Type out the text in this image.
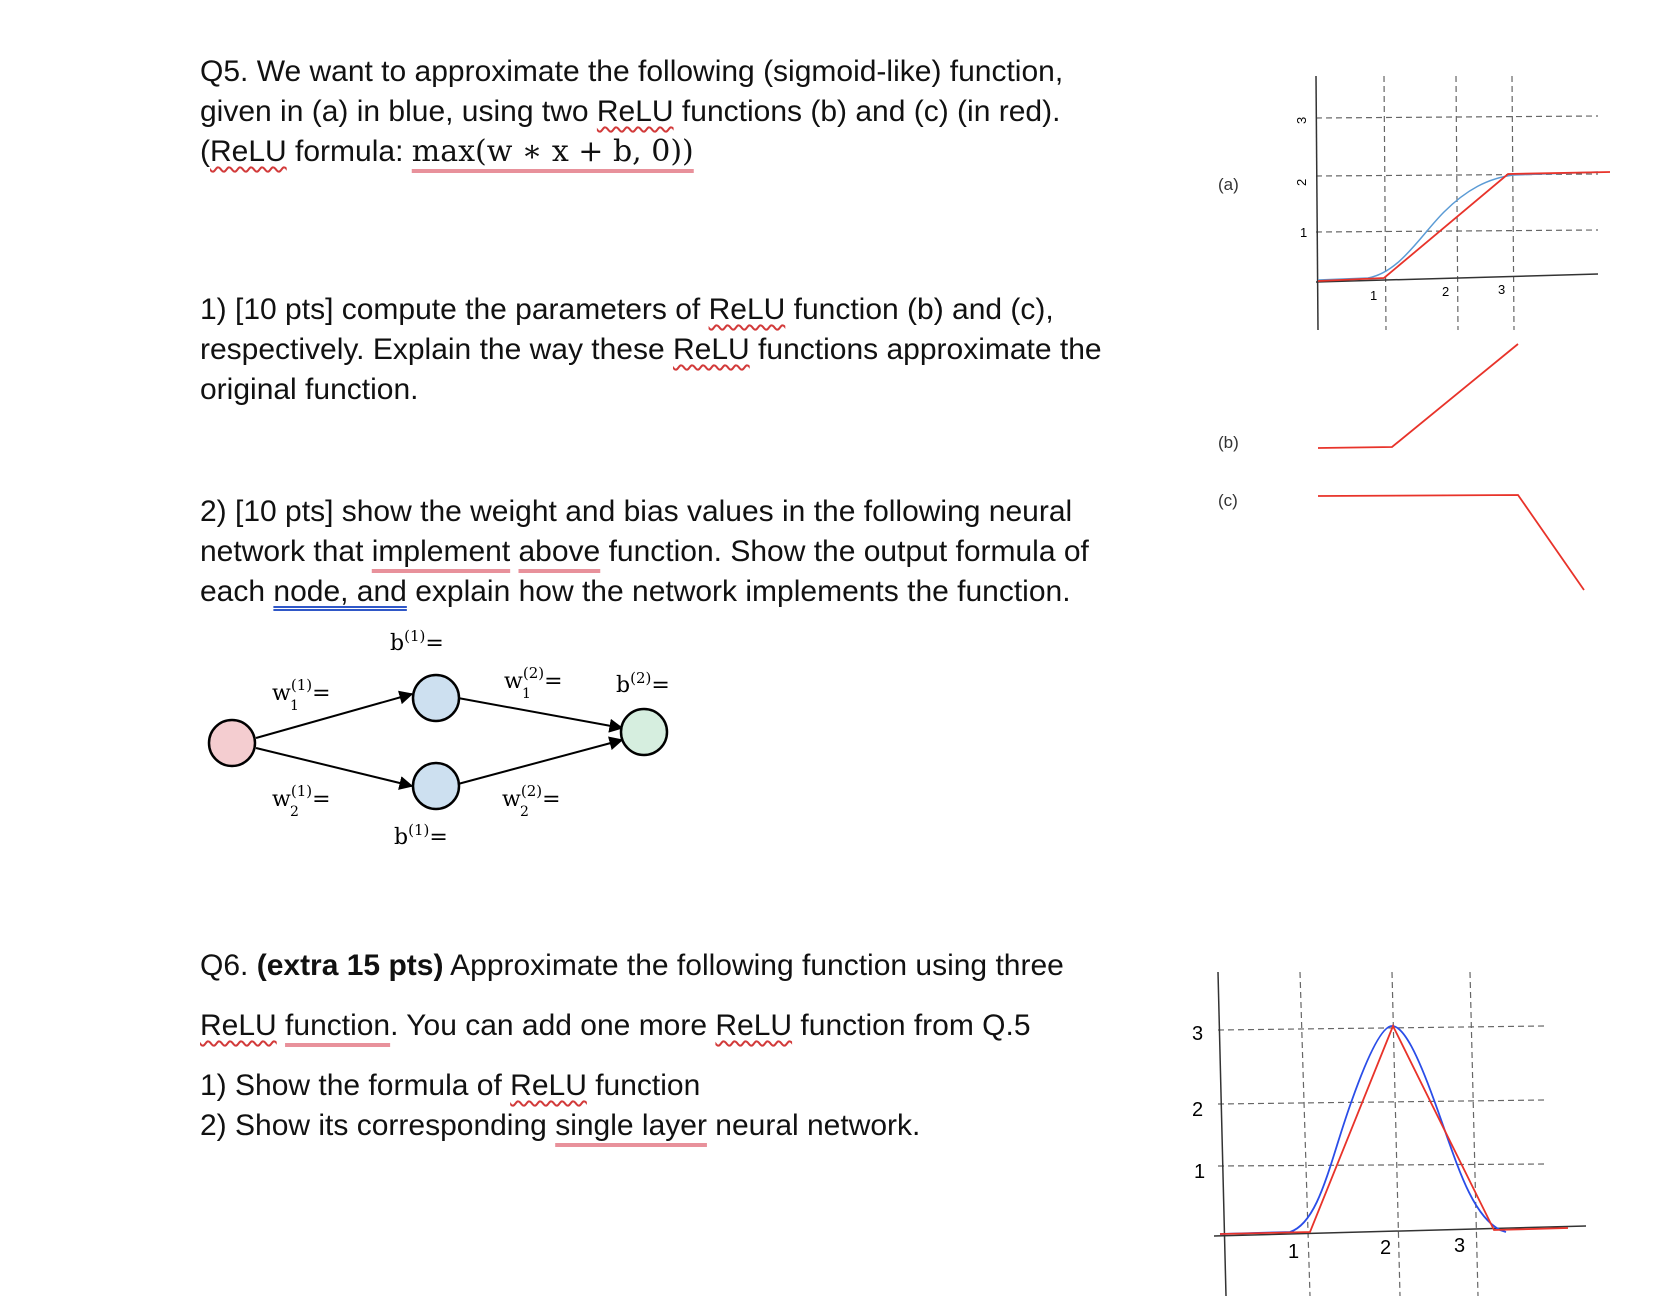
Q5. We want to approximate the following (sigmoid-like) function,
given in (a) in blue, using two ReLU functions (b) and (c) (in red).
(ReLU formula: max(w ∗ x + b, 0))
1) [10 pts] compute the parameters of ReLU function (b) and (c),
respectively. Explain the way these ReLU functions approximate the
original function.
2) [10 pts] show the weight and bias values in the following neural
network that implement above function. Show the output formula of
each node, and explain how the network implements the function.
$b^{(1)}=$
$b^{(1)}=$
$b^{(2)}=$
$w^{(1)}=$
1
$w^{(1)}=$
2
$w^{(2)}=$
1
$w^{(2)}=$
2
Q6. (extra 15 pts) Approximate the following function using three
ReLU function. You can add one more ReLU function from Q.5
1) Show the formula of ReLU function
2) Show its corresponding single layer neural network.
3
2
1
1	2	3
(a)
(b)
(c)
3
2
1
1	2	3
